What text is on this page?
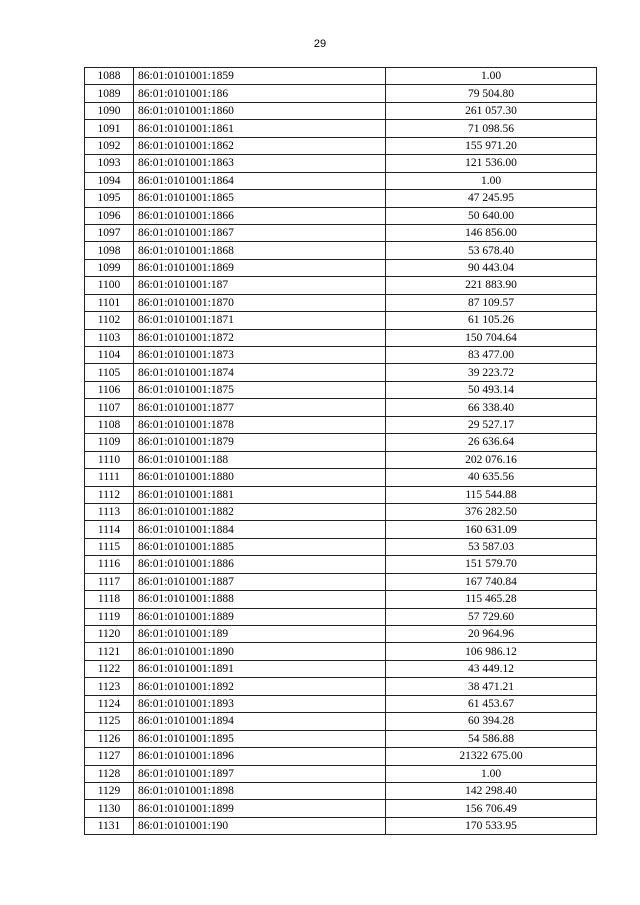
29
1088	86:01:0101001:1859	1.00
1089	86:01:0101001:186	79 504.80
1090	86:01:0101001:1860	261 057.30
1091	86:01:0101001:1861	71 098.56
1092	86:01:0101001:1862	155 971.20
1093	86:01:0101001:1863	121 536.00
1094	86:01:0101001:1864	1.00
1095	86:01:0101001:1865	47 245.95
1096	86:01:0101001:1866	50 640.00
1097	86:01:0101001:1867	146 856.00
1098	86:01:0101001:1868	53 678.40
1099	86:01:0101001:1869	90 443.04
1100	86:01:0101001:187	221 883.90
1101	86:01:0101001:1870	87 109.57
1102	86:01:0101001:1871	61 105.26
1103	86:01:0101001:1872	150 704.64
1104	86:01:0101001:1873	83 477.00
1105	86:01:0101001:1874	39 223.72
1106	86:01:0101001:1875	50 493.14
1107	86:01:0101001:1877	66 338.40
1108	86:01:0101001:1878	29 527.17
1109	86:01:0101001:1879	26 636.64
1110	86:01:0101001:188	202 076.16
1111	86:01:0101001:1880	40 635.56
1112	86:01:0101001:1881	115 544.88
1113	86:01:0101001:1882	376 282.50
1114	86:01:0101001:1884	160 631.09
1115	86:01:0101001:1885	53 587.03
1116	86:01:0101001:1886	151 579.70
1117	86:01:0101001:1887	167 740.84
1118	86:01:0101001:1888	115 465.28
1119	86:01:0101001:1889	57 729.60
1120	86:01:0101001:189	20 964.96
1121	86:01:0101001:1890	106 986.12
1122	86:01:0101001:1891	43 449.12
1123	86:01:0101001:1892	38 471.21
1124	86:01:0101001:1893	61 453.67
1125	86:01:0101001:1894	60 394.28
1126	86:01:0101001:1895	54 586.88
1127	86:01:0101001:1896	21322 675.00
1128	86:01:0101001:1897	1.00
1129	86:01:0101001:1898	142 298.40
1130	86:01:0101001:1899	156 706.49
1131	86:01:0101001:190	170 533.95
